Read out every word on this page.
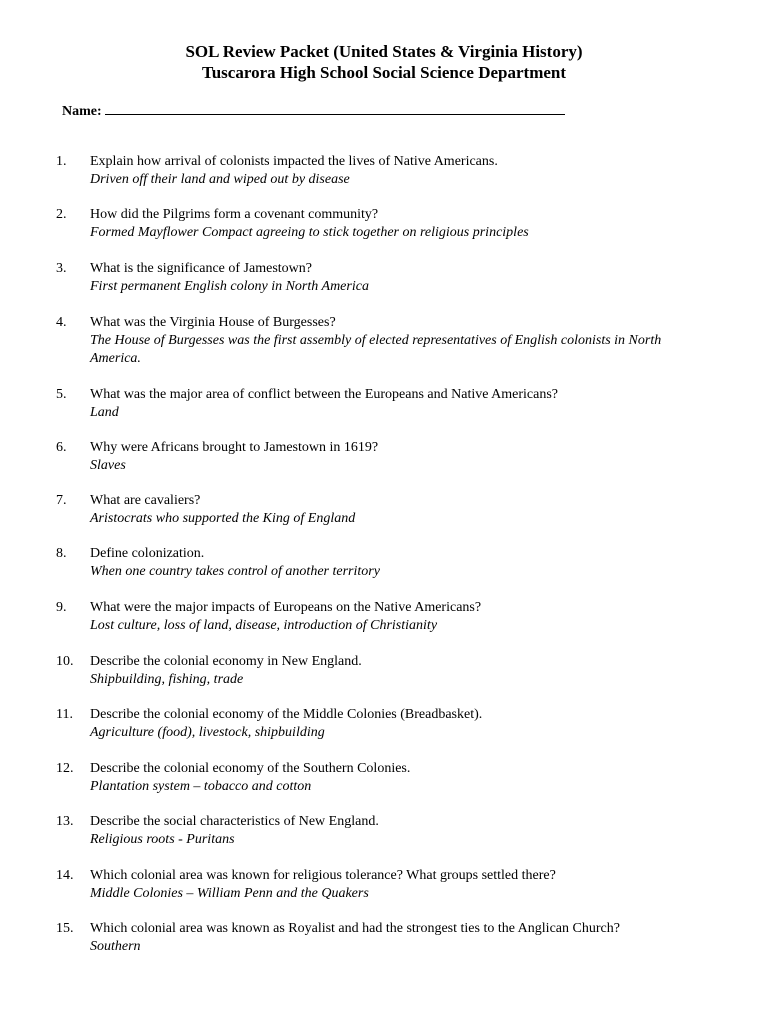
SOL Review Packet (United States & Virginia History)
Tuscarora High School Social Science Department
Name:
1.	Explain how arrival of colonists impacted the lives of Native Americans.
Driven off their land and wiped out by disease
2.	How did the Pilgrims form a covenant community?
Formed Mayflower Compact agreeing to stick together on religious principles
3.	What is the significance of Jamestown?
First permanent English colony in North America
4.	What was the Virginia House of Burgesses?
The House of Burgesses was the first assembly of elected representatives of English colonists in North America.
5.	What was the major area of conflict between the Europeans and Native Americans?
Land
6.	Why were Africans brought to Jamestown in 1619?
Slaves
7.	What are cavaliers?
Aristocrats who supported the King of England
8.	Define colonization.
When one country takes control of another territory
9.	What were the major impacts of Europeans on the Native Americans?
Lost culture, loss of land, disease, introduction of Christianity
10.	Describe the colonial economy in New England.
Shipbuilding, fishing, trade
11.	Describe the colonial economy of the Middle Colonies (Breadbasket).
Agriculture (food), livestock, shipbuilding
12.	Describe the colonial economy of the Southern Colonies.
Plantation system – tobacco and cotton
13.	Describe the social characteristics of New England.
Religious roots - Puritans
14.	Which colonial area was known for religious tolerance? What groups settled there?
Middle Colonies – William Penn and the Quakers
15.	Which colonial area was known as Royalist and had the strongest ties to the Anglican Church?
Southern
